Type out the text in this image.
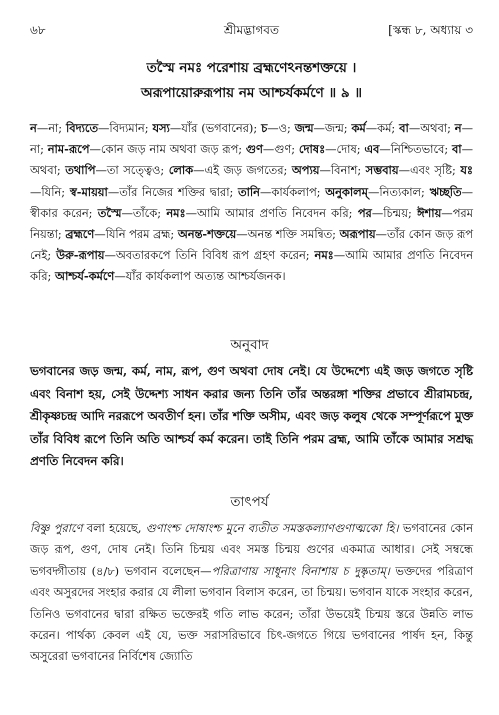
৬৮	শ্রীমদ্ভাগবত	[স্কন্ধ ৮, অধ্যায় ৩
তস্মৈ নমঃ পরেশায় ব্রহ্মণেঽনন্তশক্তয়ে ।
অরূপায়োরুরূপায় নম আশ্চর্যকর্মণে ॥ ৯ ॥
ন—না; বিদ্যতে—বিদ্যমান; যস্য—যাঁর (ভগবানের); চ—ও; জন্ম—জন্ম; কর্ম—কর্ম; বা—অথবা; ন—না; নাম-রূপে—কোন জড় নাম অথবা জড় রূপ; গুণ—গুণ; দোষঃ—দোষ; এব—নিশ্চিতভাবে; বা—অথবা; তথাপি—তা সত্ত্বেও; লোক—এই জড় জগতের; অপ্যয়—বিনাশ; সম্ভবায়—এবং সৃষ্টি; যঃ—যিনি; স্ব-মায়য়া—তাঁর নিজের শক্তির দ্বারা; তানি—কার্যকলাপ; অনুকালম্—নিত্যকাল; ঋচ্ছতি—স্বীকার করেন; তস্মৈ—তাঁকে; নমঃ—আমি আমার প্রণতি নিবেদন করি; পর—চিন্ময়; ঈশায়—পরম নিয়ন্তা; ব্রহ্মণে—যিনি পরম ব্রহ্ম; অনন্ত-শক্তয়ে—অনন্ত শক্তি সমন্বিত; অরূপায়—তাঁর কোন জড় রূপ নেই; উরু-রূপায়—অবতারকপে তিনি বিবিধ রূপ গ্রহণ করেন; নমঃ—আমি আমার প্রণতি নিবেদন করি; আশ্চর্য-কর্মণে—যাঁর কার্যকলাপ অত্যন্ত আশ্চর্যজনক।
অনুবাদ
ভগবানের জড় জন্ম, কর্ম, নাম, রূপ, গুণ অথবা দোষ নেই। যে উদ্দেশ্যে এই জড় জগতে সৃষ্টি এবং বিনাশ হয়, সেই উদ্দেশ্য সাধন করার জন্য তিনি তাঁর অন্তরঙ্গা শক্তির প্রভাবে শ্রীরামচন্দ্র, শ্রীকৃষ্ণচন্দ্র আদি নররূপে অবতীর্ণ হন। তাঁর শক্তি অসীম, এবং জড় কলুষ থেকে সম্পূর্ণরূপে মুক্ত তাঁর বিবিধ রূপে তিনি অতি আশ্চর্য কর্ম করেন। তাই তিনি পরম ব্রহ্ম, আমি তাঁকে আমার সশ্রদ্ধ প্রণতি নিবেদন করি।
তাৎপর্য
বিষ্ণু পুরাণে বলা হয়েছে, গুণাংশ্চ দোষাংশ্চ মুনে ব্যতীত সমস্তকল্যাণগুণাত্মকো হি। ভগবানের কোন জড় রূপ, গুণ, দোষ নেই। তিনি চিন্ময় এবং সমস্ত চিন্ময় গুণের একমাত্র আধার। সেই সম্বন্ধে ভগবদ্গীতায় (৪/৮) ভগবান বলেছেন—পরিত্রাণায় সাধূনাং বিনাশায় চ দুষ্কৃতাম্। ভক্তদের পরিত্রাণ এবং অসুরদের সংহার করার যে লীলা ভগবান বিলাস করেন, তা চিন্ময়। ভগবান যাকে সংহার করেন, তিনিও ভগবানের দ্বারা রক্ষিত ভক্তেরই গতি লাভ করেন; তাঁরা উভয়েই চিন্ময় স্তরে উন্নতি লাভ করেন। পার্থক্য কেবল এই যে, ভক্ত সরাসরিভাবে চিৎ-জগতে গিয়ে ভগবানের পার্ষদ হন, কিন্তু অসুরেরা ভগবানের নির্বিশেষ জ্যোতি
